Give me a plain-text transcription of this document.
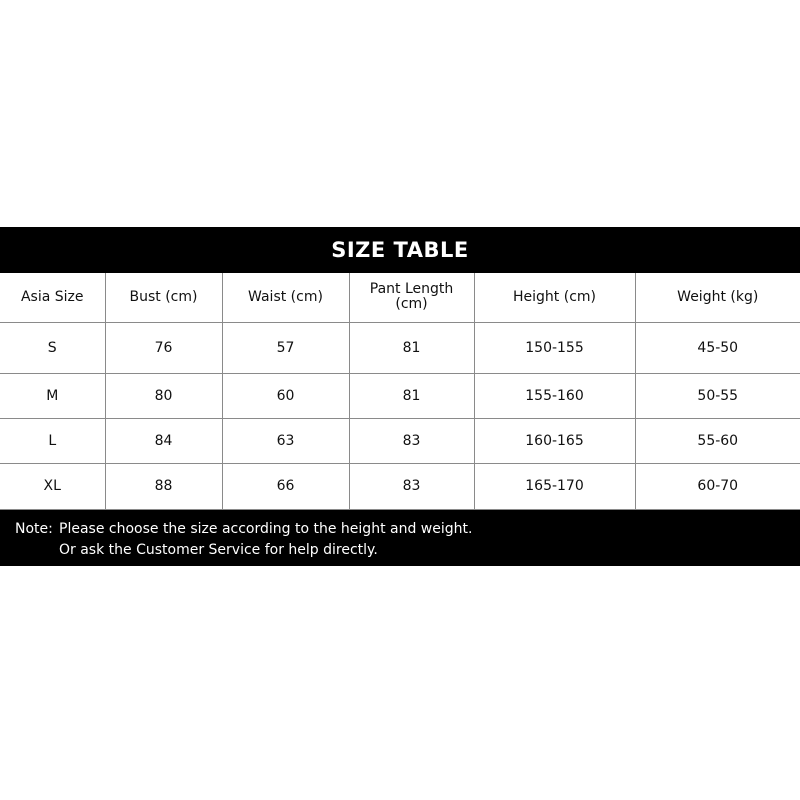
SIZE TABLE
Asia Size	Bust (cm)	Waist (cm)	Pant Length (cm)	Height (cm)	Weight (kg)
S	76	57	81	150-155	45-50
M	80	60	81	155-160	50-55
L	84	63	83	160-165	55-60
XL	88	66	83	165-170	60-70
Note: Please choose the size according to the height and weight.
Or ask the Customer Service for help directly.
